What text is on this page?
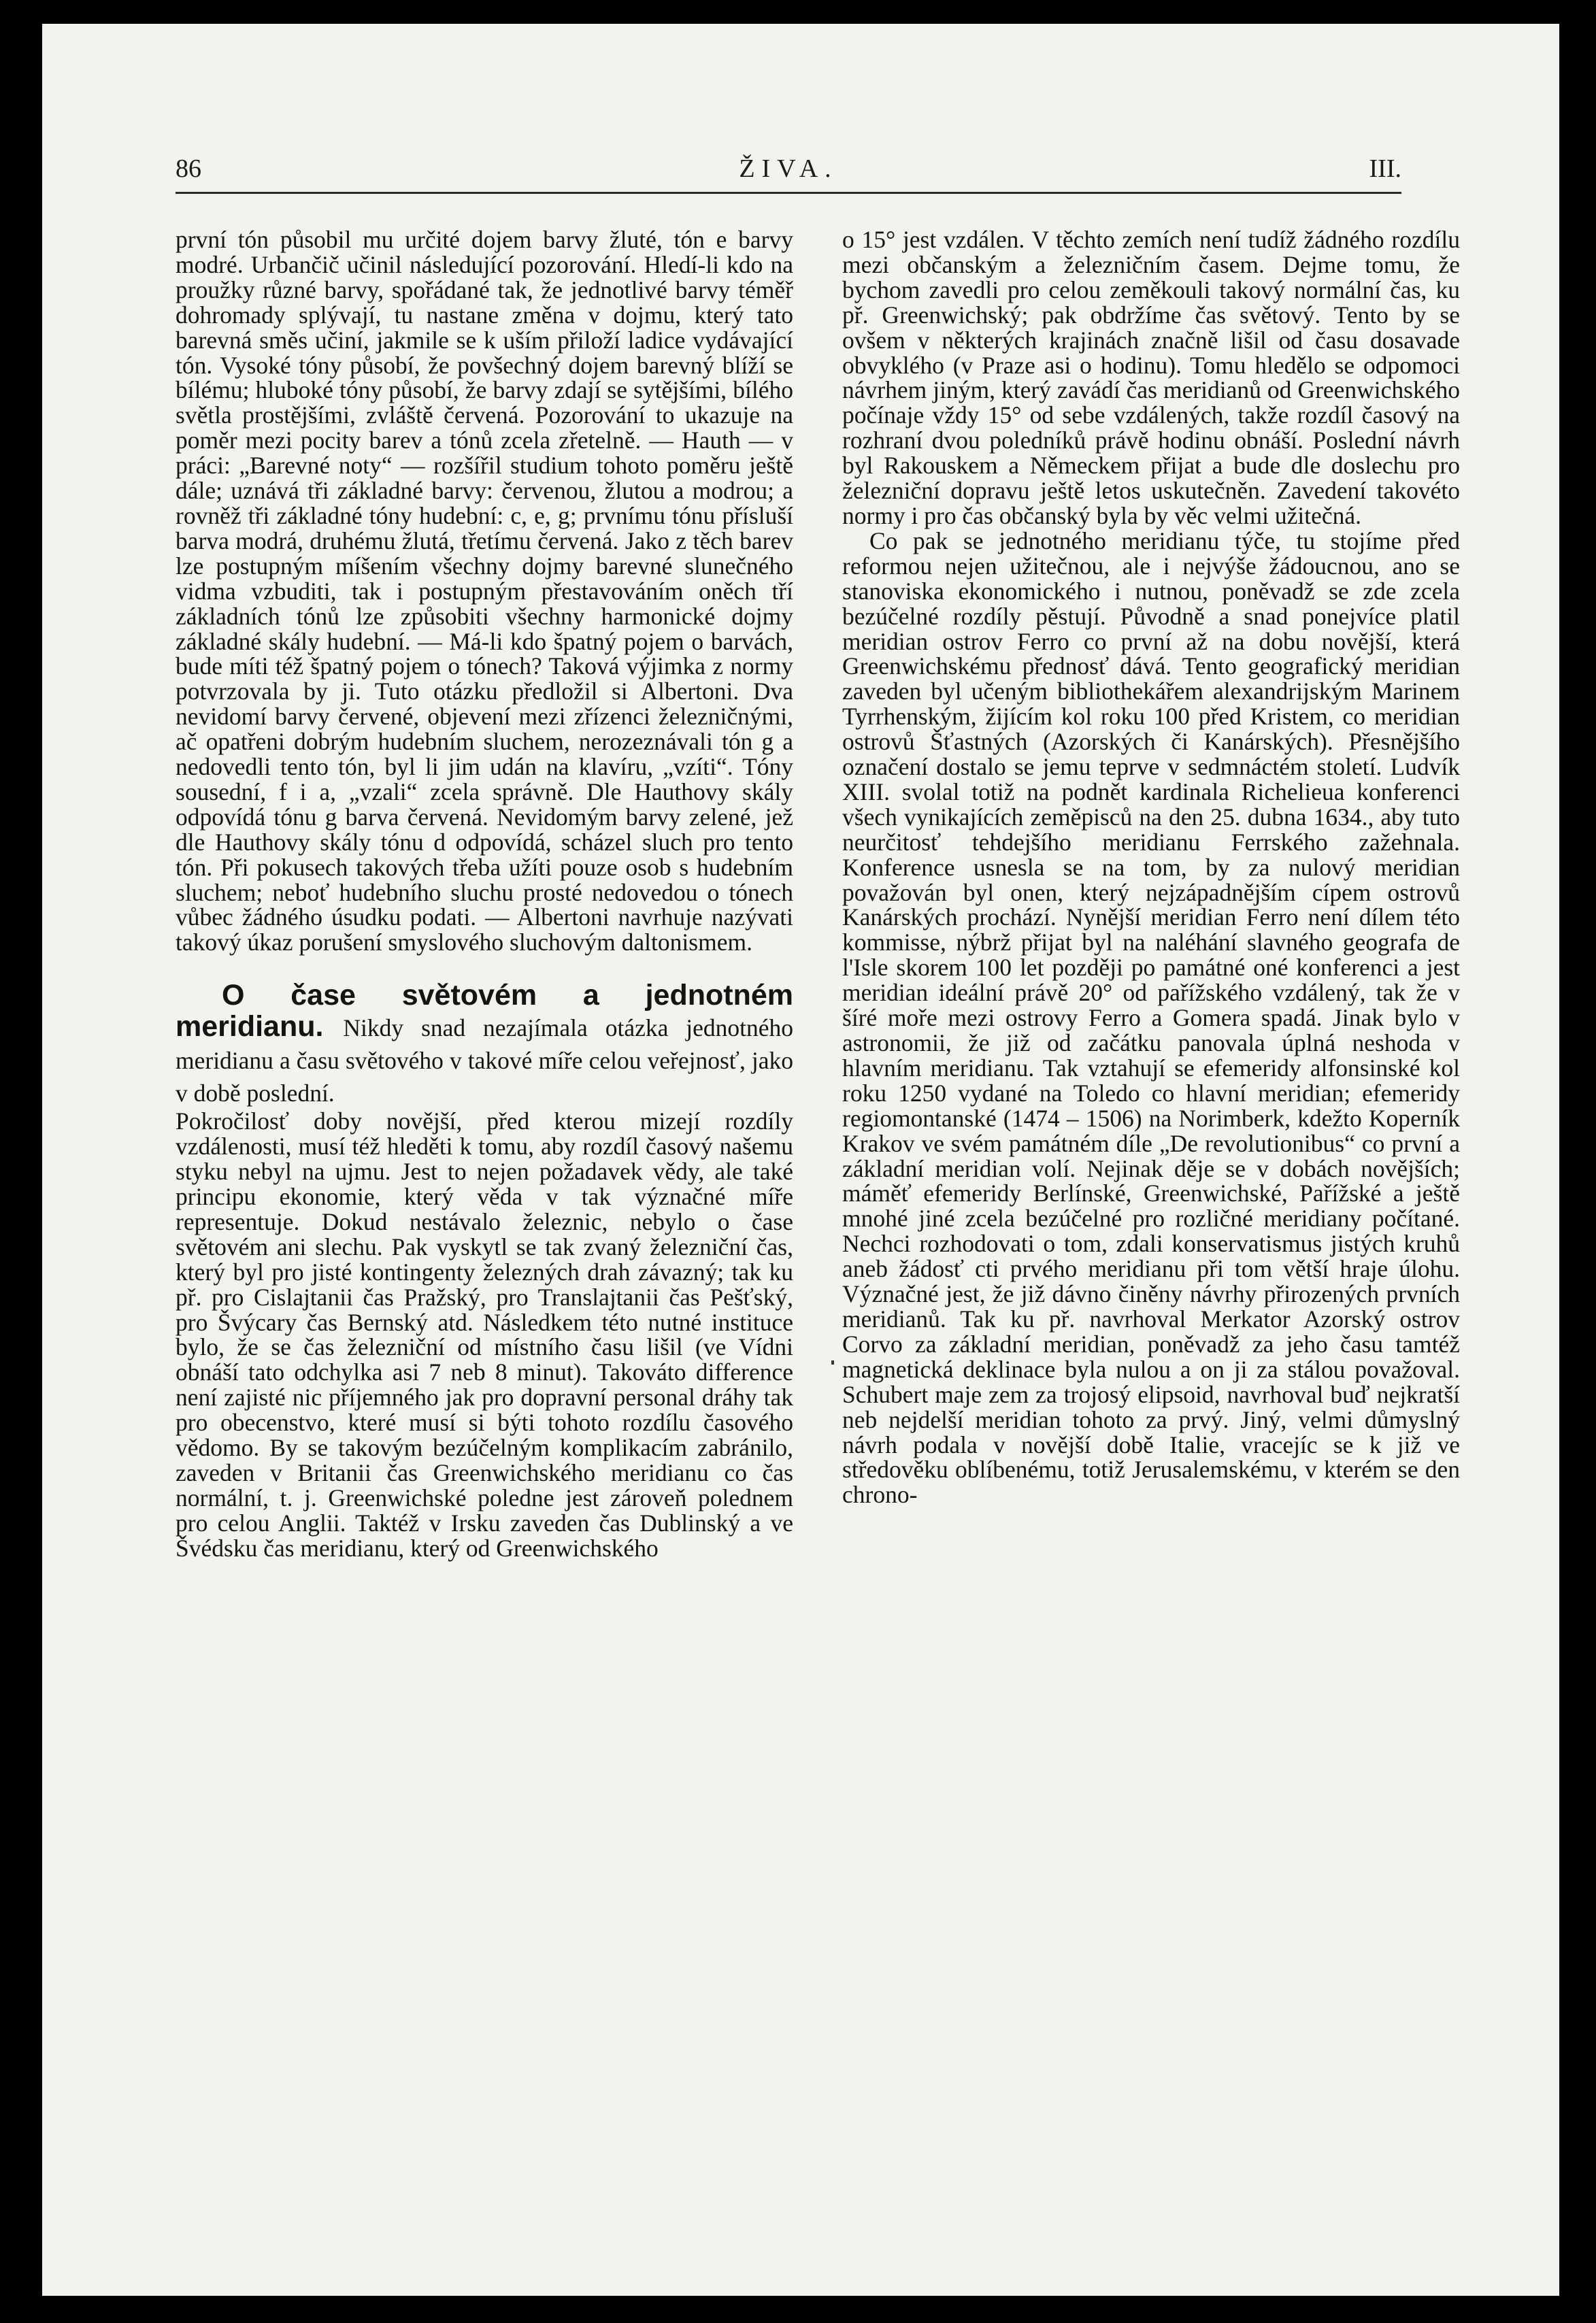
86	ŽIVA.	III.

první tón působil mu určité dojem barvy žluté, tón e barvy modré. Urbančič učinil následující pozorování. Hledí-li kdo na proužky různé barvy, spořádané tak, že jednotlivé barvy téměř dohromady splývají, tu nastane změna v dojmu, který tato barevná směs učiní, jakmile se k uším přiloží ladice vydávající tón. Vysoké tóny působí, že povšechný dojem barevný blíží se bílému; hluboké tóny působí, že barvy zdají se sytějšími, bílého světla prostějšími, zvláště červená. Pozorování to ukazuje na poměr mezi pocity barev a tónů zcela zřetelně. — Hauth — v práci: „Barevné noty“ — rozšířil studium tohoto poměru ještě dále; uznává tři základné barvy: červenou, žlutou a modrou; a rovněž tři základné tóny hudební: c, e, g; prvnímu tónu přísluší barva modrá, druhému žlutá, třetímu červená. Jako z těch barev lze postupným míšením všechny dojmy barevné slunečného vidma vzbuditi, tak i postupným přestavováním oněch tří základních tónů lze způsobiti všechny harmonické dojmy základné skály hudební. — Má-li kdo špatný pojem o barvách, bude míti též špatný pojem o tónech? Taková výjimka z normy potvrzovala by ji. Tuto otázku předložil si Albertoni. Dva nevidomí barvy červené, objevení mezi zřízenci železničnými, ač opatřeni dobrým hudebním sluchem, nerozeznávali tón g a nedovedli tento tón, byl li jim udán na klavíru, „vzíti“. Tóny sousední, f i a, „vzali“ zcela správně. Dle Hauthovy skály odpovídá tónu g barva červená. Nevidomým barvy zelené, jež dle Hauthovy skály tónu d odpovídá, scházel sluch pro tento tón. Při pokusech takových třeba užíti pouze osob s hudebním sluchem; neboť hudebního sluchu prosté nedovedou o tónech vůbec žádného úsudku podati. — Albertoni navrhuje nazývati takový úkaz porušení smyslového sluchovým daltonismem.

O čase světovém a jednotném meridianu. Nikdy snad nezajímala otázka jednotného meridianu a času světového v takové míře celou veřejnosť, jako v době poslední.

Pokročilosť doby novější, před kterou mizejí rozdíly vzdálenosti, musí též hleděti k tomu, aby rozdíl časový našemu styku nebyl na ujmu. Jest to nejen požadavek vědy, ale také principu ekonomie, který věda v tak význačné míře representuje. Dokud nestávalo železnic, nebylo o čase světovém ani slechu. Pak vyskytl se tak zvaný železniční čas, který byl pro jisté kontingenty železných drah závazný; tak ku př. pro Cislajtanii čas Pražský, pro Translajtanii čas Pešťský, pro Švýcary čas Bernský atd. Následkem této nutné instituce bylo, že se čas železniční od místního času lišil (ve Vídni obnáší tato odchylka asi 7 neb 8 minut). Takováto difference není zajisté nic příjemného jak pro dopravní personal dráhy tak pro obecenstvo, které musí si býti tohoto rozdílu časového vědomo. By se takovým bezúčelným komplikacím zabránilo, zaveden v Britanii čas Greenwichského meridianu co čas normální, t. j. Greenwichské poledne jest zároveň polednem pro celou Anglii. Taktéž v Irsku zaveden čas Dublinský a ve Švédsku čas meridianu, který od Greenwichského

o 15° jest vzdálen. V těchto zemích není tudíž žádného rozdílu mezi občanským a železničním časem. Dejme tomu, že bychom zavedli pro celou zeměkouli takový normální čas, ku př. Greenwichský; pak obdržíme čas světový. Tento by se ovšem v některých krajinách značně lišil od času dosavade obvyklého (v Praze asi o hodinu). Tomu hledělo se odpomoci návrhem jiným, který zavádí čas meridianů od Greenwichského počínaje vždy 15° od sebe vzdálených, takže rozdíl časový na rozhraní dvou poledníků právě hodinu obnáší. Poslední návrh byl Rakouskem a Německem přijat a bude dle doslechu pro železniční dopravu ještě letos uskutečněn. Zavedení takovéto normy i pro čas občanský byla by věc velmi užitečná.

Co pak se jednotného meridianu týče, tu stojíme před reformou nejen užitečnou, ale i nejvýše žádoucnou, ano se stanoviska ekonomického i nutnou, poněvadž se zde zcela bezúčelné rozdíly pěstují. Původně a snad ponejvíce platil meridian ostrov Ferro co první až na dobu novější, která Greenwichskému přednosť dává. Tento geografický meridian zaveden byl učeným bibliothekářem alexandrijským Marinem Tyrrhenským, žijícím kol roku 100 před Kristem, co meridian ostrovů Šťastných (Azorských či Kanárských). Přesnějšího označení dostalo se jemu teprve v sedmnáctém století. Ludvík XIII. svolal totiž na podnět kardinala Richelieua konferenci všech vynikajících zeměpisců na den 25. dubna 1634., aby tuto neurčitosť tehdejšího meridianu Ferrského zažehnala. Konference usnesla se na tom, by za nulový meridian považován byl onen, který nejzápadnějším cípem ostrovů Kanárských prochází. Nynější meridian Ferro není dílem této kommisse, nýbrž přijat byl na naléhání slavného geografa de l'Isle skorem 100 let později po památné oné konferenci a jest meridian ideální právě 20° od pařížského vzdálený, tak že v šíré moře mezi ostrovy Ferro a Gomera spadá. Jinak bylo v astronomii, že již od začátku panovala úplná neshoda v hlavním meridianu. Tak vztahují se efemeridy alfonsinské kol roku 1250 vydané na Toledo co hlavní meridian; efemeridy regiomontanské (1474 – 1506) na Norimberk, kdežto Koperník Krakov ve svém památném díle „De revolutionibus“ co první a základní meridian volí. Nejinak děje se v dobách novějších; máměť efemeridy Berlínské, Greenwichské, Pařížské a ještě mnohé jiné zcela bezúčelné pro rozličné meridiany počítané. Nechci rozhodovati o tom, zdali konservatismus jistých kruhů aneb žádosť cti prvého meridianu při tom větší hraje úlohu. Význačné jest, že již dávno činěny návrhy přirozených prvních meridianů. Tak ku př. navrhoval Merkator Azorský ostrov Corvo za základní meridian, poněvadž za jeho času tamtéž magnetická deklinace byla nulou a on ji za stálou považoval. Schubert maje zem za trojosý elipsoid, navrhoval buď nejkratší neb nejdelší meridian tohoto za prvý. Jiný, velmi důmyslný návrh podala v novější době Italie, vracejíc se k již ve středověku oblíbenému, totiž Jerusalemskému, v kterém se den chrono-
